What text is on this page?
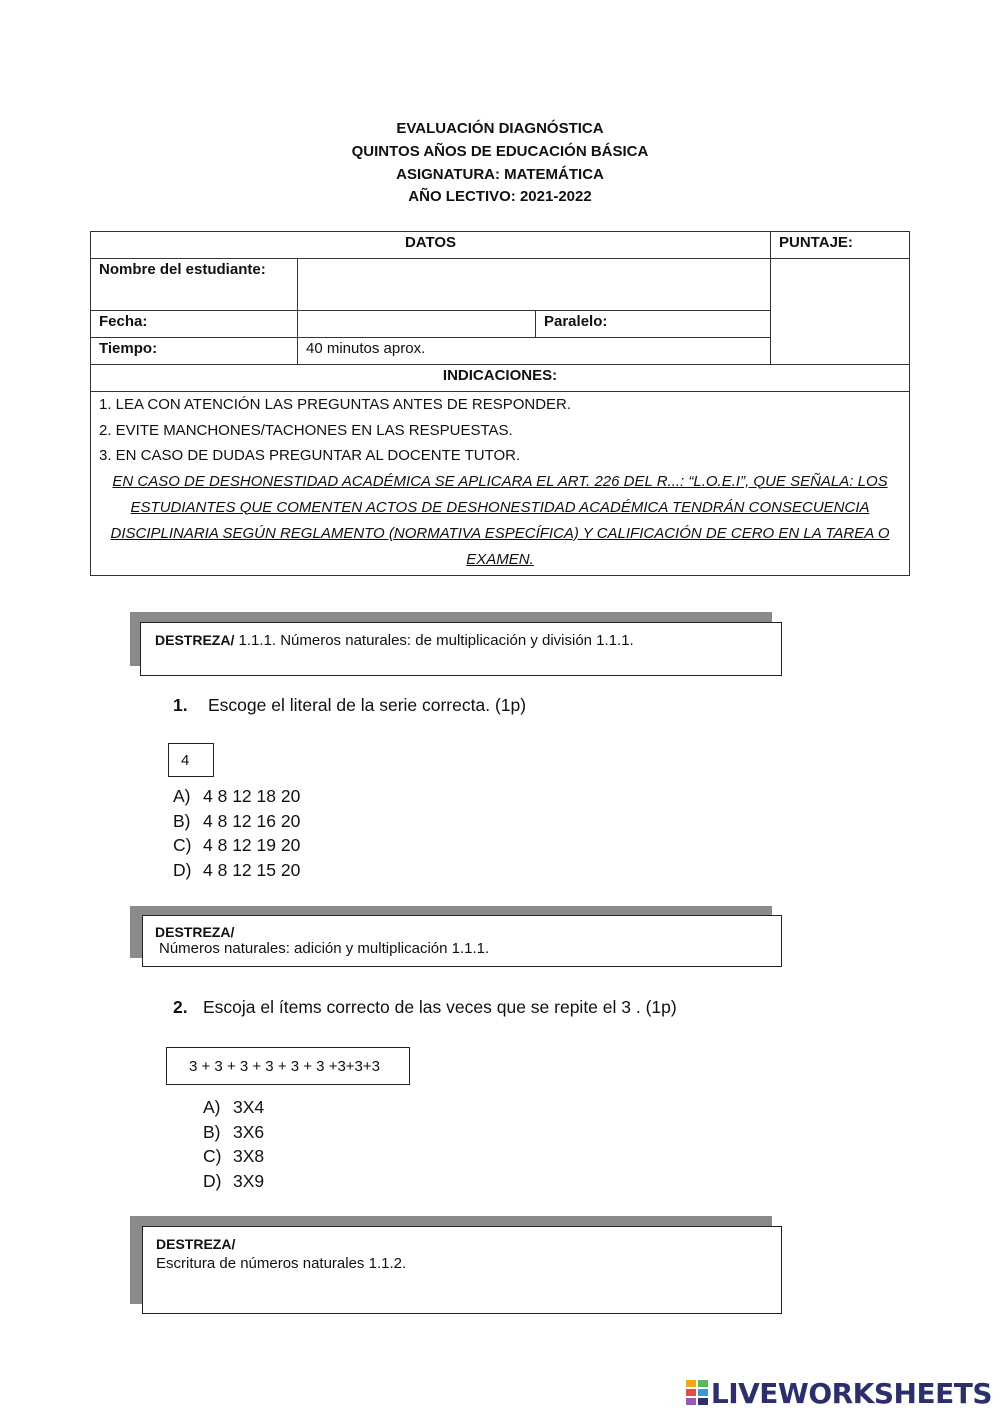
EVALUACIÓN DIAGNÓSTICA
QUINTOS AÑOS DE EDUCACIÓN BÁSICA
ASIGNATURA: MATEMÁTICA
AÑO LECTIVO: 2021-2022
DATOS			PUNTAJE:
Nombre del estudiante:			
Fecha:		Paralelo:	
Tiempo:	40 minutos aprox.		
INDICACIONES:			

1. LEA CON ATENCIÓN LAS PREGUNTAS ANTES DE RESPONDER.
2. EVITE MANCHONES/TACHONES EN LAS RESPUESTAS.
3. EN CASO DE DUDAS PREGUNTAR AL DOCENTE TUTOR.
EN CASO DE DESHONESTIDAD ACADÉMICA SE APLICARA EL ART. 226 DEL R...: “L.O.E.I”, QUE SEÑALA: LOS ESTUDIANTES QUE COMENTEN ACTOS DE DESHONESTIDAD ACADÉMICA TENDRÁN CONSECUENCIA DISCIPLINARIA SEGÚN REGLAMENTO (NORMATIVA ESPECÍFICA) Y CALIFICACIÓN DE CERO EN LA TAREA O EXAMEN.			
DESTREZA/ 1.1.1. Números naturales: de multiplicación y división 1.1.1.
1. Escoge el literal de la serie correcta. (1p)
4
A) 4 8 12 18 20
B) 4 8 12 16 20
C) 4 8 12 19 20
D) 4 8 12 15 20
DESTREZA/
Números naturales: adición y multiplicación 1.1.1.
2. Escoja el ítems correcto de las veces que se repite el 3 . (1p)
3 + 3 + 3 + 3 + 3 + 3 +3+3+3
A) 3X4
B) 3X6
C) 3X8
D) 3X9
DESTREZA/
Escritura de números naturales 1.1.2.
LIVEWORKSHEETS
